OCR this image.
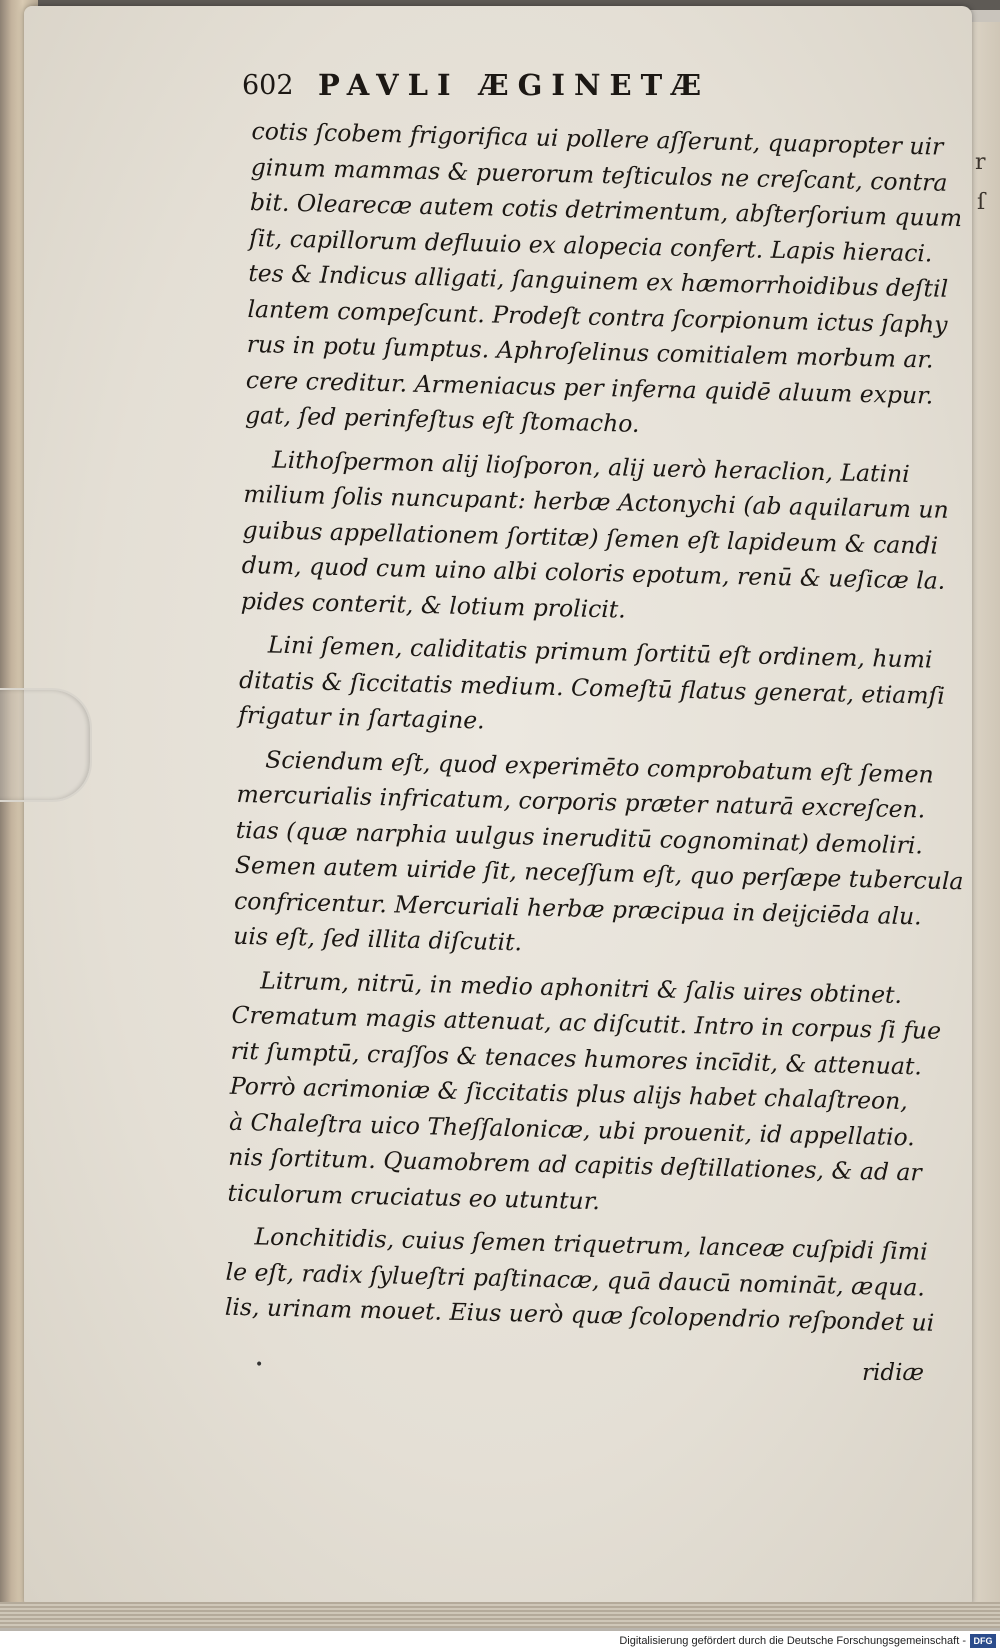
r
ſ
602 PAVLI ÆGINETÆ
cotis ſcobem frigorifica ui pollere aſſerunt, quapropter uir
ginum mammas & puerorum teſticulos ne creſcant, contra
bit. Olearecæ autem cotis detrimentum, abſterſorium quum
ſit, capillorum defluuio ex alopecia confert. Lapis hieraci.
tes & Indicus alligati, ſanguinem ex hæmorrhoidibus deſtil
lantem compeſcunt. Prodeſt contra ſcorpionum ictus ſaphy
rus in potu ſumptus. Aphroſelinus comitialem morbum ar.
cere creditur. Armeniacus per inferna quidē aluum expur.
gat, ſed perinfeſtus eſt ſtomacho.
Lithoſpermon alij lioſporon, alij uerò heraclion, Latini
milium ſolis nuncupant: herbæ Actonychi (ab aquilarum un
guibus appellationem ſortitæ) ſemen eſt lapideum & candi
dum, quod cum uino albi coloris epotum, renū & ueſicæ la.
pides conterit, & lotium prolicit.
Lini ſemen, caliditatis primum ſortitū eſt ordinem, humi
ditatis & ſiccitatis medium. Comeſtū flatus generat, etiamſi
frigatur in ſartagine.
Sciendum eſt, quod experimēto comprobatum eſt ſemen
mercurialis infricatum, corporis præter naturā excreſcen.
tias (quæ narphia uulgus ineruditū cognominat) demoliri.
Semen autem uiride ſit, neceſſum eſt, quo perſæpe tubercula
confricentur. Mercuriali herbæ præcipua in deijciēda alu.
uis eſt, ſed illita diſcutit.
Litrum, nitrū, in medio aphonitri & ſalis uires obtinet.
Crematum magis attenuat, ac diſcutit. Intro in corpus ſi fue
rit ſumptū, craſſos & tenaces humores incīdit, & attenuat.
Porrò acrimoniæ & ſiccitatis plus alijs habet chalaſtreon,
à Chaleſtra uico Theſſalonicæ, ubi prouenit, id appellatio.
nis ſortitum. Quamobrem ad capitis deſtillationes, & ad ar
ticulorum cruciatus eo utuntur.
Lonchitidis, cuius ſemen triquetrum, lanceæ cuſpidi ſimi
le eſt, radix ſylueſtri paſtinacæ, quā daucū nomināt, æqua.
lis, urinam mouet. Eius uerò quæ ſcolopendrio reſpondet ui
•	ridiæ
Digitalisierung gefördert durch die Deutsche Forschungsgemeinschaft - DFG
